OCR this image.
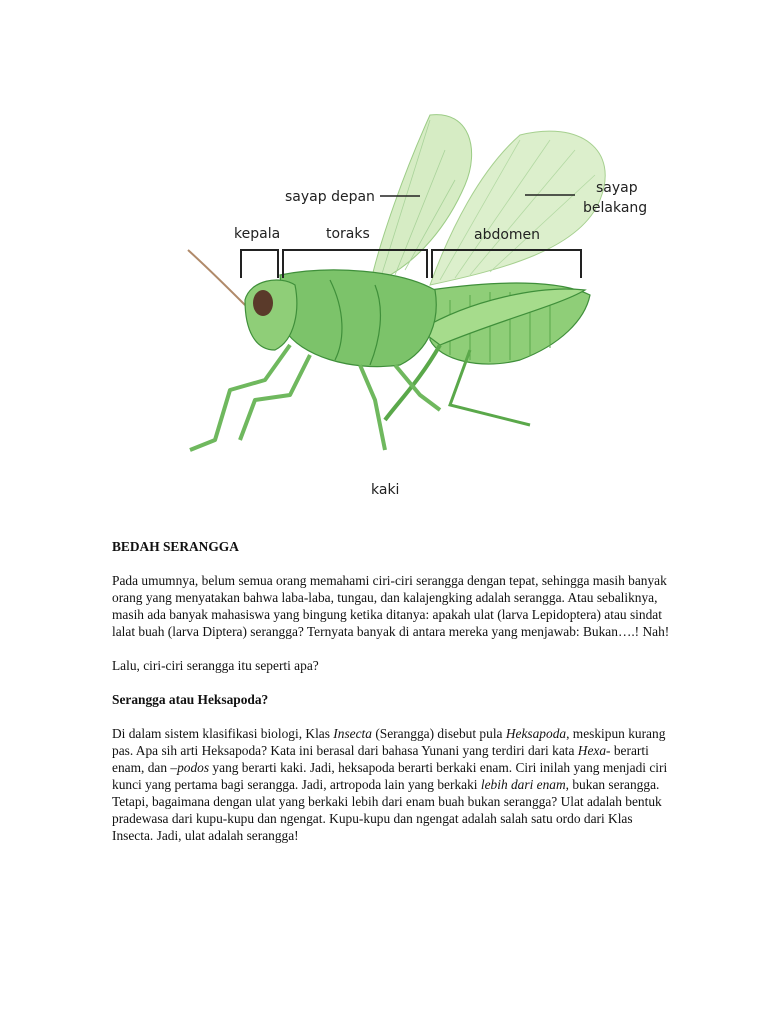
sayap depan
sayap
belakang
kepala	toraks	abdomen
kaki
BEDAH SERANGGA

Pada umumnya, belum semua orang memahami ciri-ciri serangga dengan tepat, sehingga masih banyak orang yang menyatakan bahwa laba-laba, tungau, dan kalajengking adalah serangga. Atau sebaliknya, masih ada banyak mahasiswa yang bingung ketika ditanya: apakah ulat (larva Lepidoptera) atau sindat lalat buah (larva Diptera) serangga? Ternyata banyak di antara mereka yang menjawab: Bukan….! Nah!

Lalu, ciri-ciri serangga itu seperti apa?

Serangga atau Heksapoda?

Di dalam sistem klasifikasi biologi, Klas Insecta (Serangga) disebut pula Heksapoda, meskipun kurang pas. Apa sih arti Heksapoda? Kata ini berasal dari bahasa Yunani yang terdiri dari kata Hexa- berarti enam, dan –podos yang berarti kaki. Jadi, heksapoda berarti berkaki enam. Ciri inilah yang menjadi ciri kunci yang pertama bagi serangga. Jadi, artropoda lain yang berkaki lebih dari enam, bukan serangga. Tetapi, bagaimana dengan ulat yang berkaki lebih dari enam buah bukan serangga? Ulat adalah bentuk pradewasa dari kupu-kupu dan ngengat. Kupu-kupu dan ngengat adalah salah satu ordo dari Klas Insecta. Jadi, ulat adalah serangga!
